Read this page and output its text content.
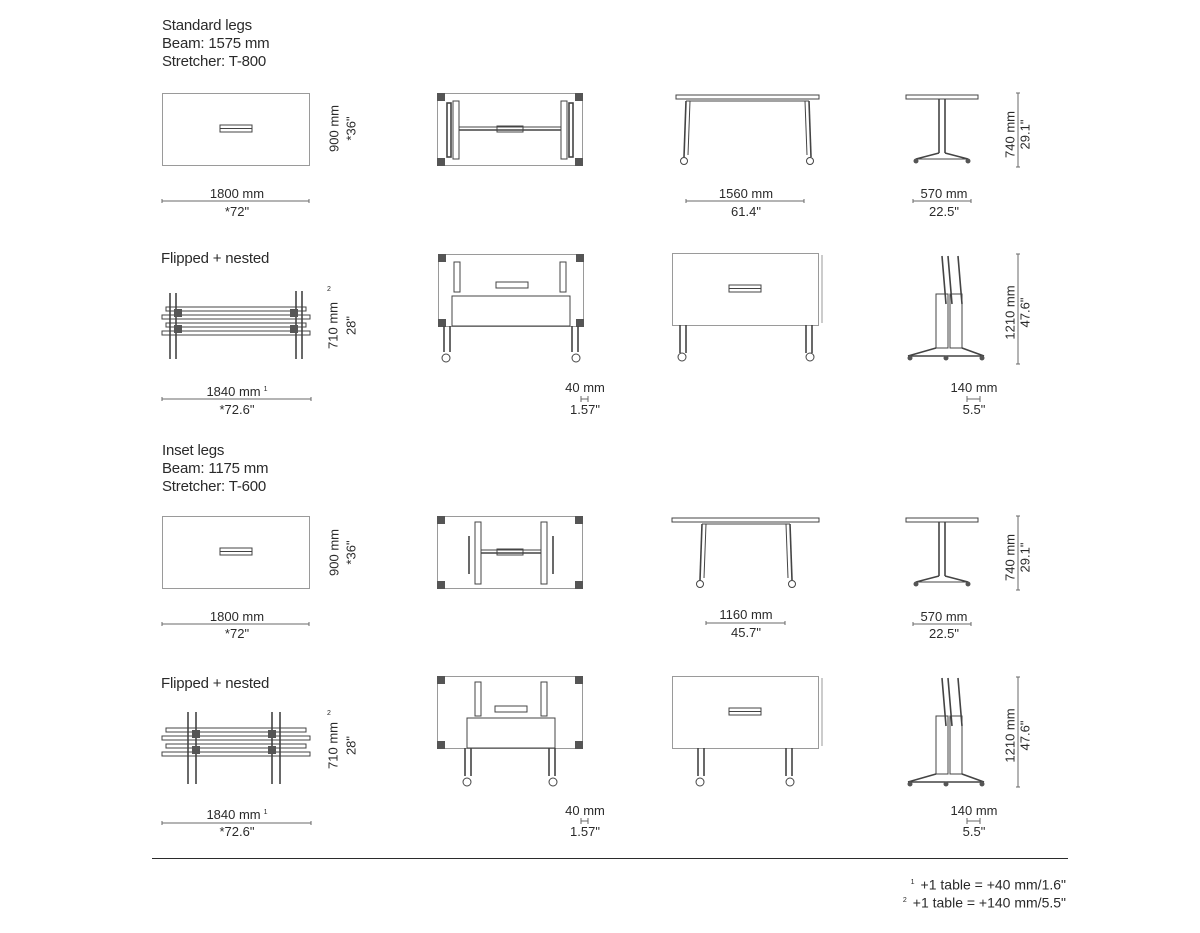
Standard legs
Beam: 1575 mm
Stretcher: T-800
1800 mm
*72"
900 mm *36"
1560 mm
61.4"
570 mm
22.5"
740 mm 29.1"
Flipped + nested
1840 mm $^1$
*72.6"
710 mm 28"
2
40 mm
1.57"
1210 mm 47.6"
140 mm
5.5"
Inset legs
Beam: 1175 mm
Stretcher: T-600
1800 mm
*72"
900 mm *36"
1160 mm
45.7"
570 mm
22.5"
740 mm 29.1"
Flipped + nested
1840 mm $^1$
*72.6"
710 mm 28"
2
40 mm
1.57"
1210 mm 47.6"
140 mm
5.5"
$^1$ +1 table = +40 mm/1.6"
$^2$ +1 table = +140 mm/5.5"
